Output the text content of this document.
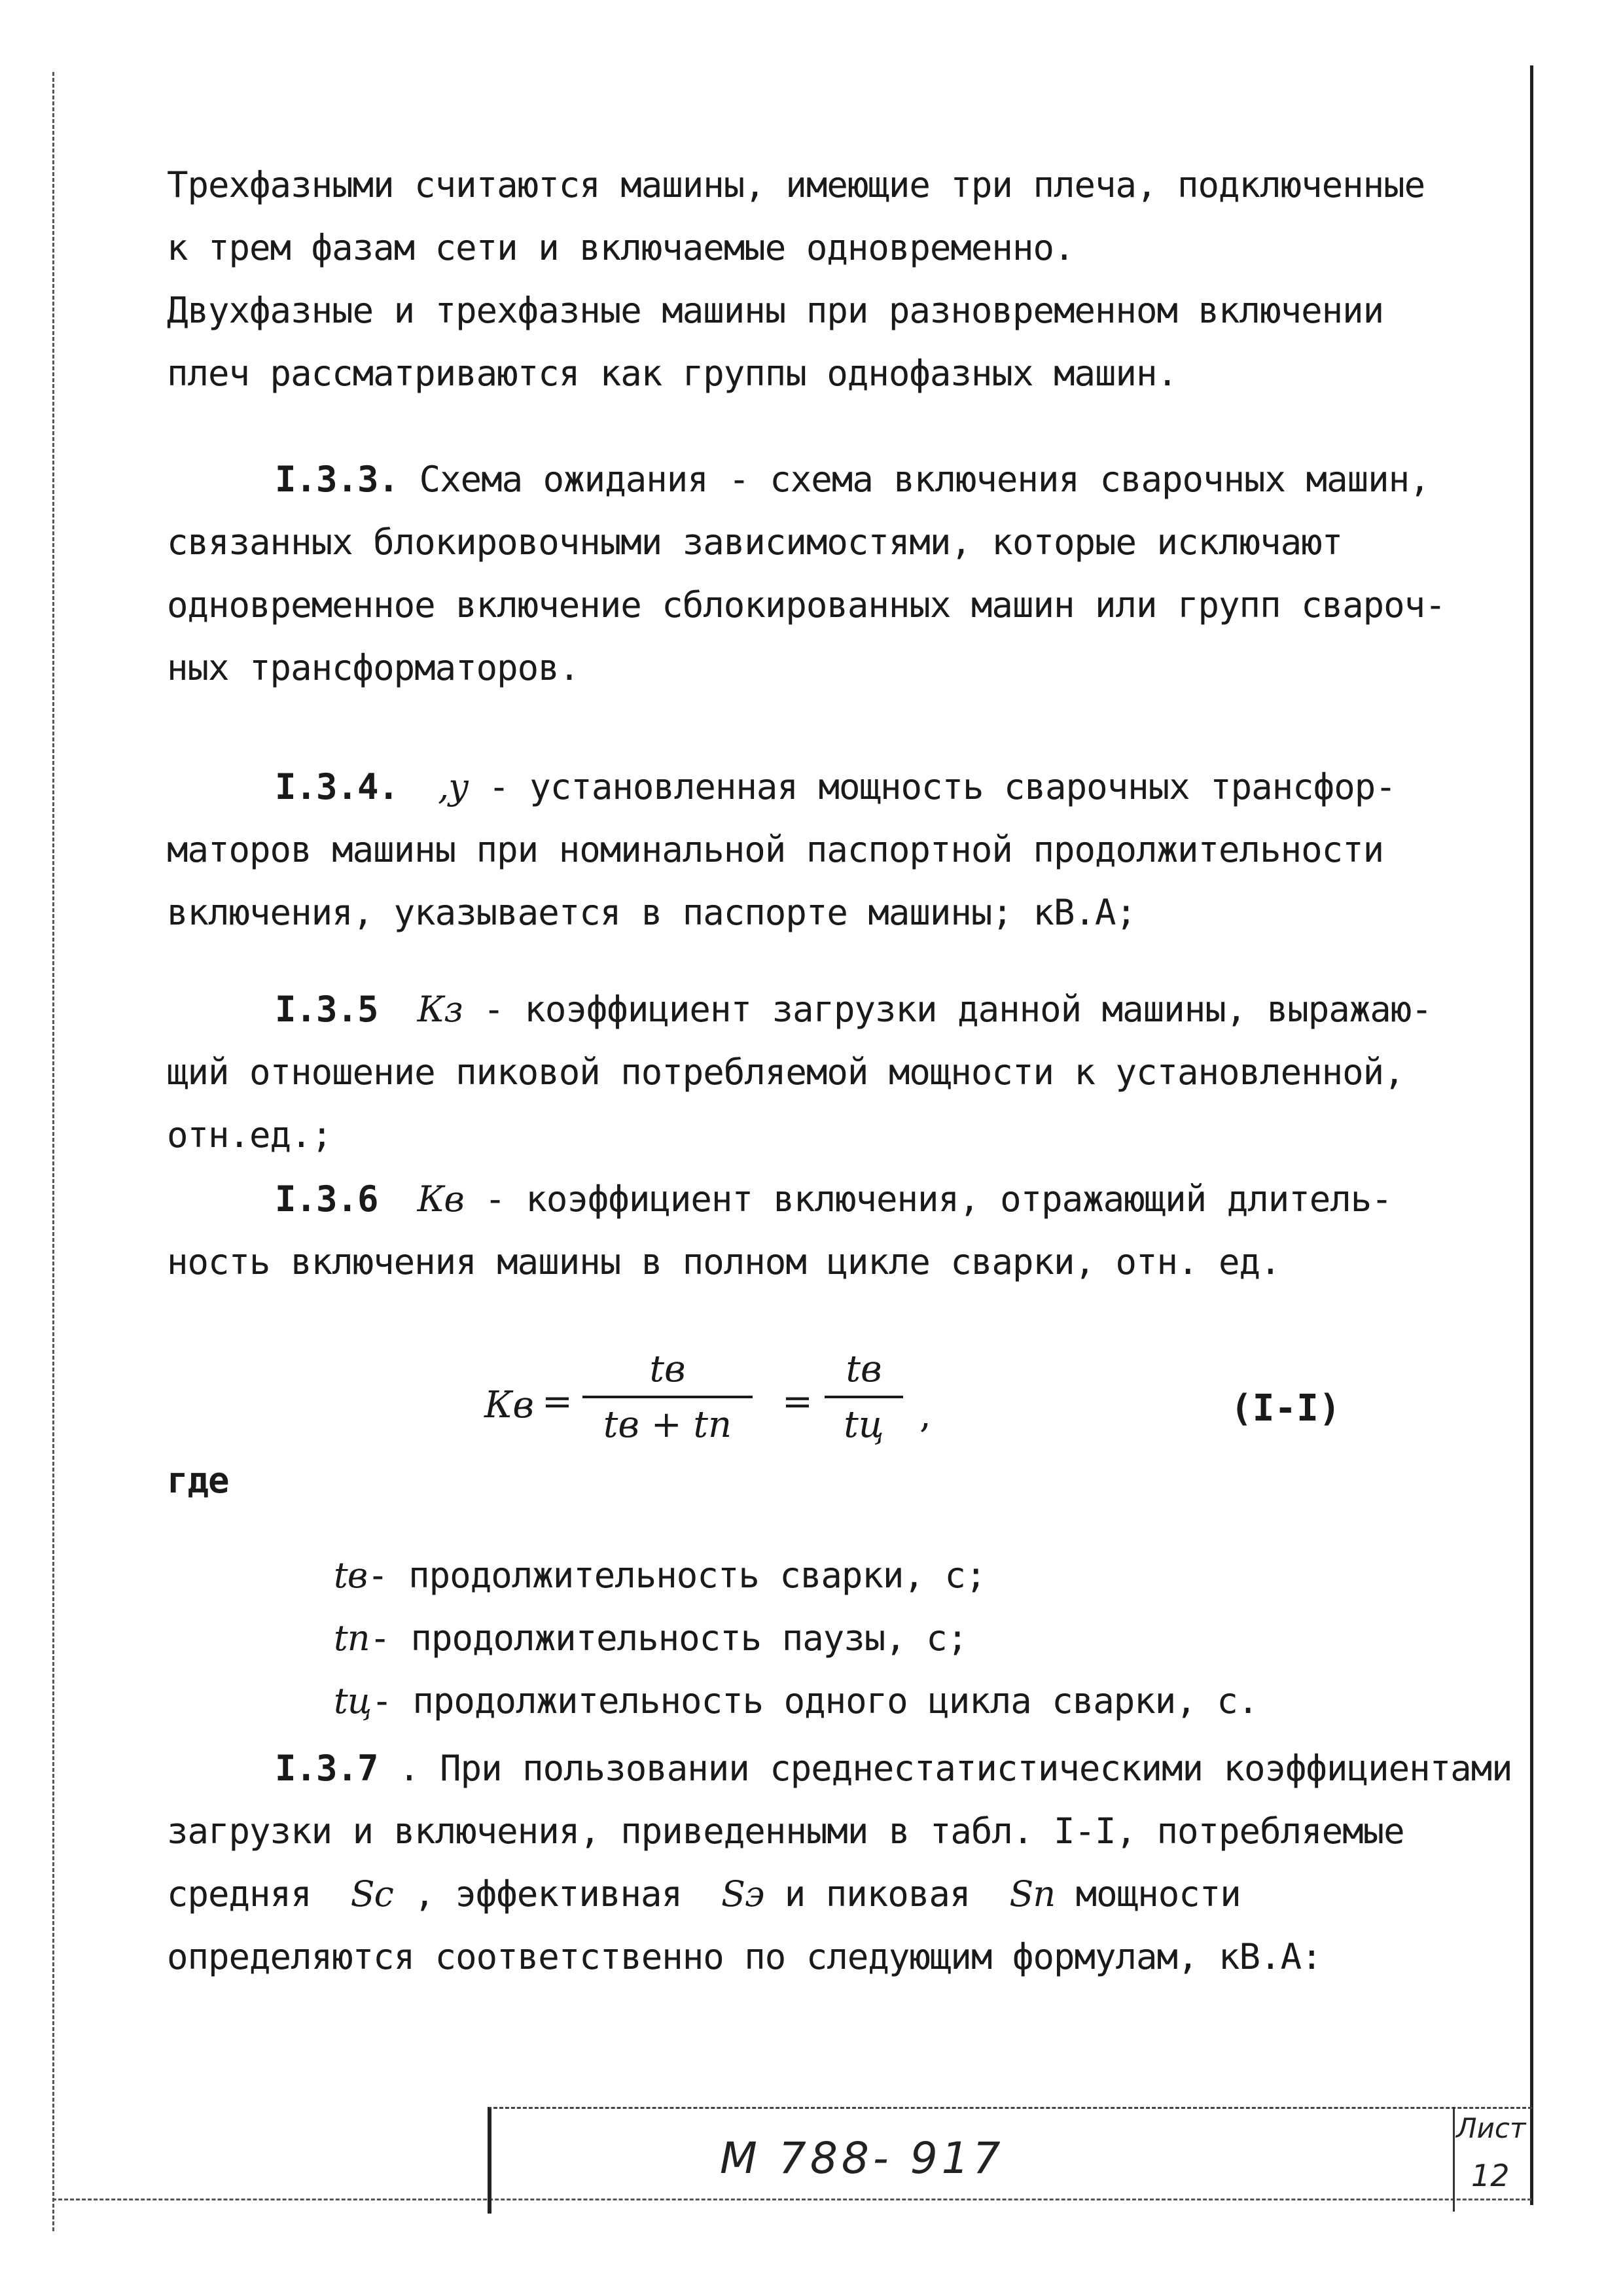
Трехфазными считаются машины, имеющие три плеча, подключенные
к трем фазам сети и включаемые одновременно.
Двухфазные и трехфазные машины при разновременном включении
плеч рассматриваются как группы однофазных машин.
I.3.3. Схема ожидания - схема включения сварочных машин,
связанных блокировочными зависимостями, которые исключают
одновременное включение сблокированных машин или групп свароч-
ных трансформаторов.
I.3.4. ,y - установленная мощность сварочных трансфор-
маторов машины при номинальной паспортной продолжительности
включения, указывается в паспорте машины; кВ.А;
I.3.5 Кз - коэффициент загрузки данной машины, выражаю-
щий отношение пиковой потребляемой мощности к установленной,
отн.ед.;
I.3.6 Кв - коэффициент включения, отражающий длитель-
ность включения машины в полном цикле сварки, отн. ед.
Кв =
tв
tв + tп
=
tв
tц ,	(I-I)
где
tв- продолжительность сварки, с;
tп- продолжительность паузы, с;
tц- продолжительность одного цикла сварки, с.
I.3.7 . При пользовании среднестатистическими коэффициентами
загрузки и включения, приведенными в табл. I-I, потребляемые
средняя Sс , эффективная Sэ и пиковая Sп мощности
определяются соответственно по следующим формулам, кВ.А:
М 788- 917
Лист
12
